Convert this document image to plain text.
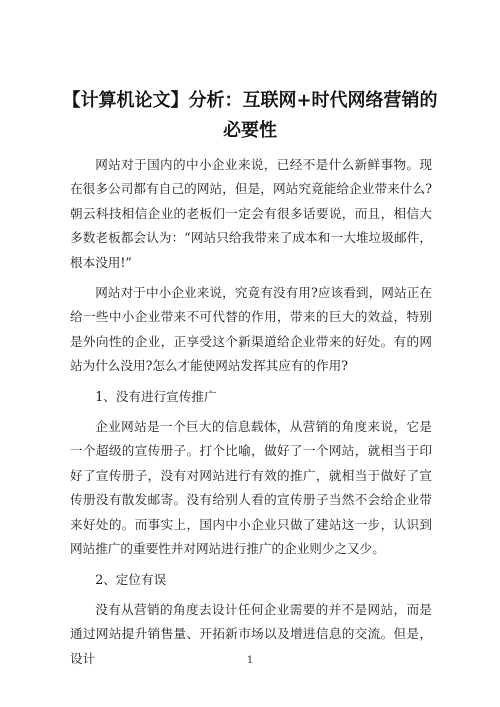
【计算机论文】分析：互联网+时代网络营销的必要性

网站对于国内的中小企业来说，已经不是什么新鲜事物。现在很多公司都有自己的网站，但是，网站究竟能给企业带来什么?朝云科技相信企业的老板们一定会有很多话要说，而且，相信大多数老板都会认为：“网站只给我带来了成本和一大堆垃圾邮件，根本没用!”

网站对于中小企业来说，究竟有没有用?应该看到，网站正在给一些中小企业带来不可代替的作用，带来的巨大的效益，特别是外向性的企业，正享受这个新渠道给企业带来的好处。有的网站为什么没用?怎么才能使网站发挥其应有的作用?

1、没有进行宣传推广

企业网站是一个巨大的信息载体，从营销的角度来说，它是一个超级的宣传册子。打个比喻，做好了一个网站，就相当于印好了宣传册子，没有对网站进行有效的推广，就相当于做好了宣传册没有散发邮寄。没有给别人看的宣传册子当然不会给企业带来好处的。而事实上，国内中小企业只做了建站这一步，认识到网站推广的重要性并对网站进行推广的企业则少之又少。

2、定位有误

没有从营销的角度去设计任何企业需要的并不是网站，而是通过网站提升销售量、开拓新市场以及增进信息的交流。但是，设计	1
